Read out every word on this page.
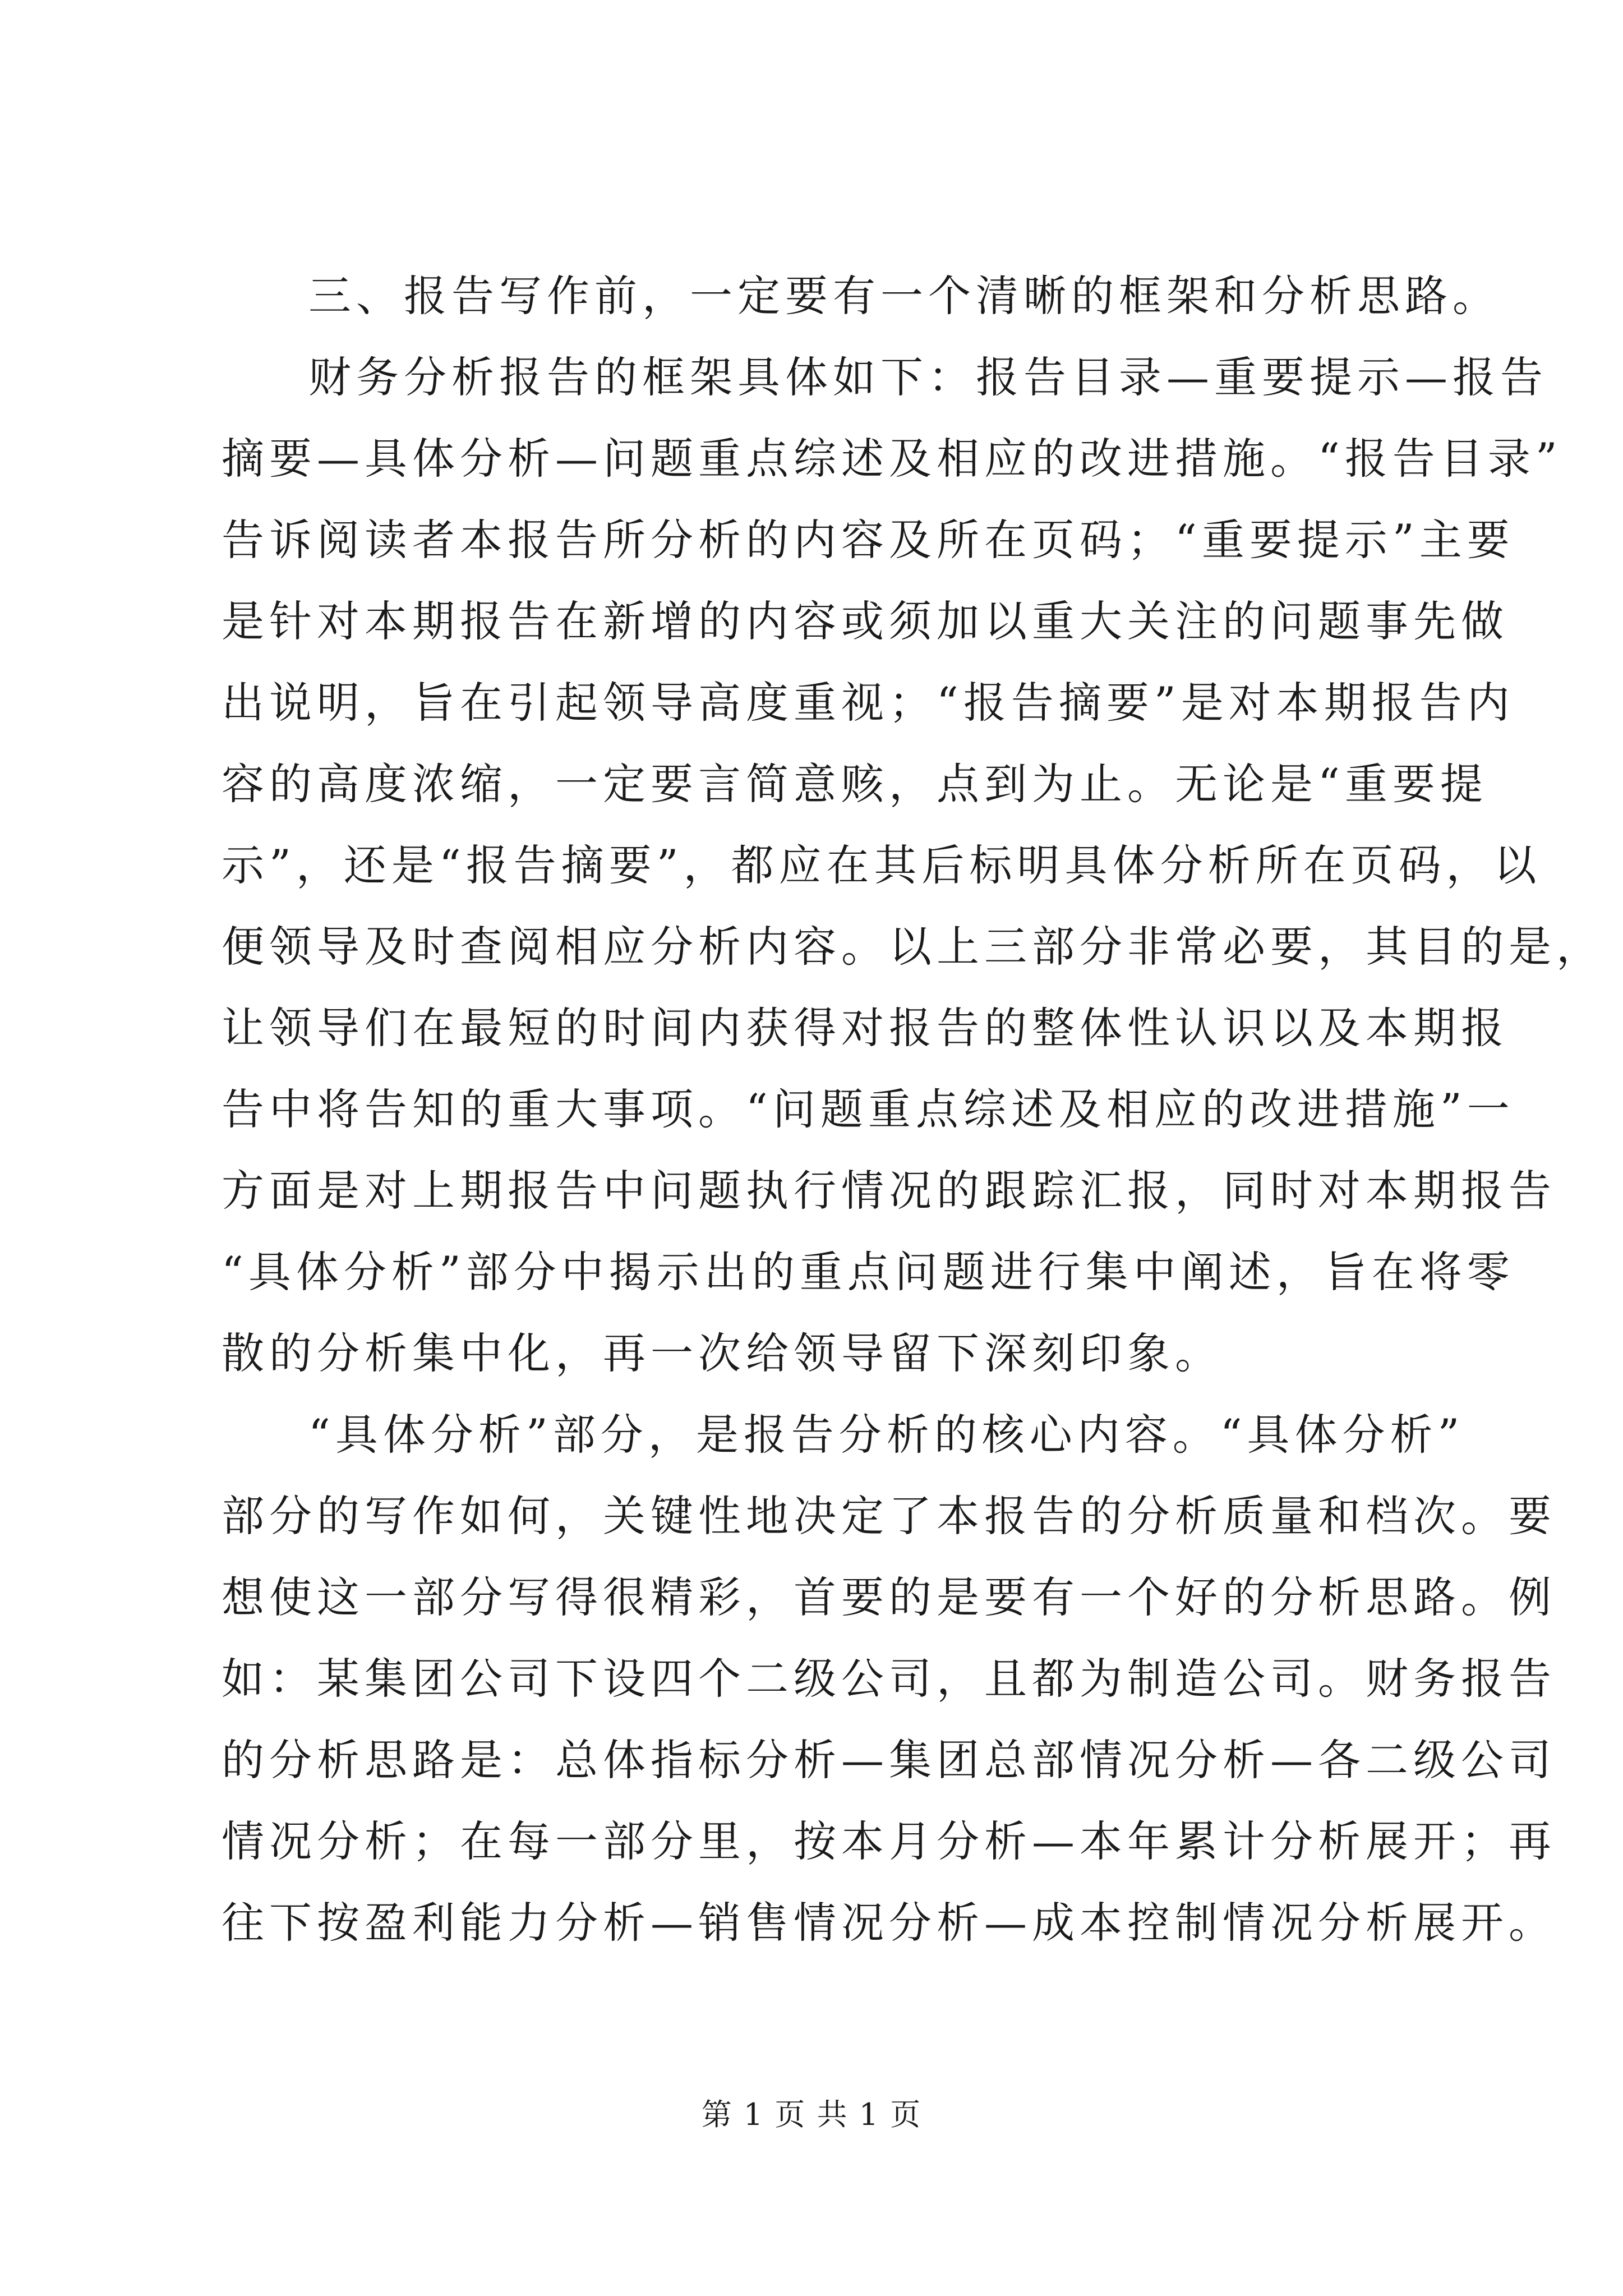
三、报告写作前，一定要有一个清晰的框架和分析思路。
财务分析报告的框架具体如下：报告目录—重要提示—报告
摘要—具体分析—问题重点综述及相应的改进措施。“报告目录”
告诉阅读者本报告所分析的内容及所在页码；“重要提示”主要
是针对本期报告在新增的内容或须加以重大关注的问题事先做
出说明，旨在引起领导高度重视；“报告摘要”是对本期报告内
容的高度浓缩，一定要言简意赅，点到为止。无论是“重要提
示”，还是“报告摘要”，都应在其后标明具体分析所在页码，以
便领导及时查阅相应分析内容。以上三部分非常必要，其目的是，
让领导们在最短的时间内获得对报告的整体性认识以及本期报
告中将告知的重大事项。“问题重点综述及相应的改进措施”一
方面是对上期报告中问题执行情况的跟踪汇报，同时对本期报告
“具体分析”部分中揭示出的重点问题进行集中阐述，旨在将零
散的分析集中化，再一次给领导留下深刻印象。
“具体分析”部分，是报告分析的核心内容。“具体分析”
部分的写作如何，关键性地决定了本报告的分析质量和档次。要
想使这一部分写得很精彩，首要的是要有一个好的分析思路。例
如：某集团公司下设四个二级公司，且都为制造公司。财务报告
的分析思路是：总体指标分析—集团总部情况分析—各二级公司
情况分析；在每一部分里，按本月分析—本年累计分析展开；再
往下按盈利能力分析—销售情况分析—成本控制情况分析展开。
第 1 页 共 1 页
